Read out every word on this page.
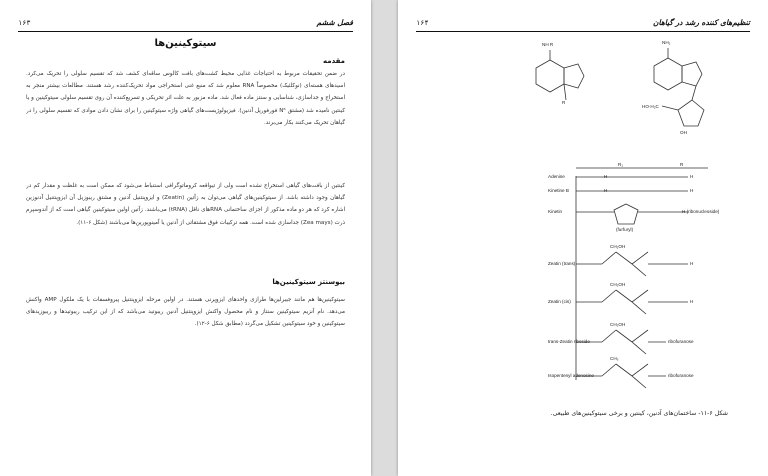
۱۶۳	فصل ششم
سیتوکینین‌ها
مقدمه
در ضمن تحقیقات مربوط به احتیاجات غذایی محیط کشت‌های بافت کالوس ساقه‌ای کشف شد که تقسیم سلولی را تحریک می‌کرد. اسیدهای هسته‌ای (نوکلئیک) مخصوصاً RNA معلوم شد که منبع غنی استخراجی مواد تحریک‌کننده رشد هستند. مطالعات بیشتر منجر به استخراج و جداسازی، شناسایی و سنتز ماده فعال شد. ماده مزبور به علت اثر تحریکی و تسریع‌کننده آن روی تقسیم سلولی سیتوکینین و یا کینتین نامیده شد (مشتق N⁶ فورفوریل آدنین). فیزیولوژیست‌های گیاهی واژه سیتوکینین را برای نشان دادن موادی که تقسیم سلولی را در گیاهان تحریک می‌کنند بکار می‌برند.
کینتین از بافت‌های گیاهی استخراج نشده است ولی از تیواقعه کروماتوگرافی استنباط می‌شود که ممکن است به غلظت و مقدار کم در گیاهان وجود داشته باشد. از سیتوکینین‌های گیاهی می‌توان به زآتین (Zeatin) و ایزوپنتنیل آدنین و مشتق ریبوزیل آن ایزوپنتنیل آدنوزین اشاره کرد که هر دو ماده مذکور از اجزای ساختمانی RNAهای ناقل (tRNA) می‌باشند. زآتین اولین سیتوکینین گیاهی است که از آندوسپرم ذرت (Zea mays) جداسازی شده است. همه ترکیبات فوق مشتقاتی از آدنین یا آمینوپورین‌ها می‌باشند (شکل ۶-۱۱).
بیوسنتز سیتوکینین‌ها
سیتوکینین‌ها هم مانند جیبرلین‌ها طرازی واحدهای ایزوپرنی هستند. در اولین مرحله ایزوپنتنیل پیروفسفات با یک ملکول AMP واکنش می‌دهد. نام آنزیم سیتوکینین سنتاز و نام محصول واکنش ایزوپنتنیل آدنین ریبوتید می‌باشد که از این ترکیب ریبوتیدها و ریبوزیدهای سیتوکینین و خود سیتوکینین تشکیل می‌گردد (مطابق شکل ۶-۱۲).
۱۶۴	تنظیم‌های کننده رشد در گیاهان
NH R
R
NH₂
HO·H₂C
OH
R₁	R
Adenine
Kinetine B
Kinetin
Zeatin (trans)
Zeatin (cis)
trans-Zeatin riboside
Isopentenyl adenosine
H
H
(furfuryl)
CH₂OH
CH₂OH
CH₂OH
CH₃
H
H
H (ribonucleoside)
H
H
ribofuranose
ribofuranose
شکل ۶-۱۱- ساختمان‌های آدنین، کینتین و برخی سیتوکینین‌های طبیعی.
